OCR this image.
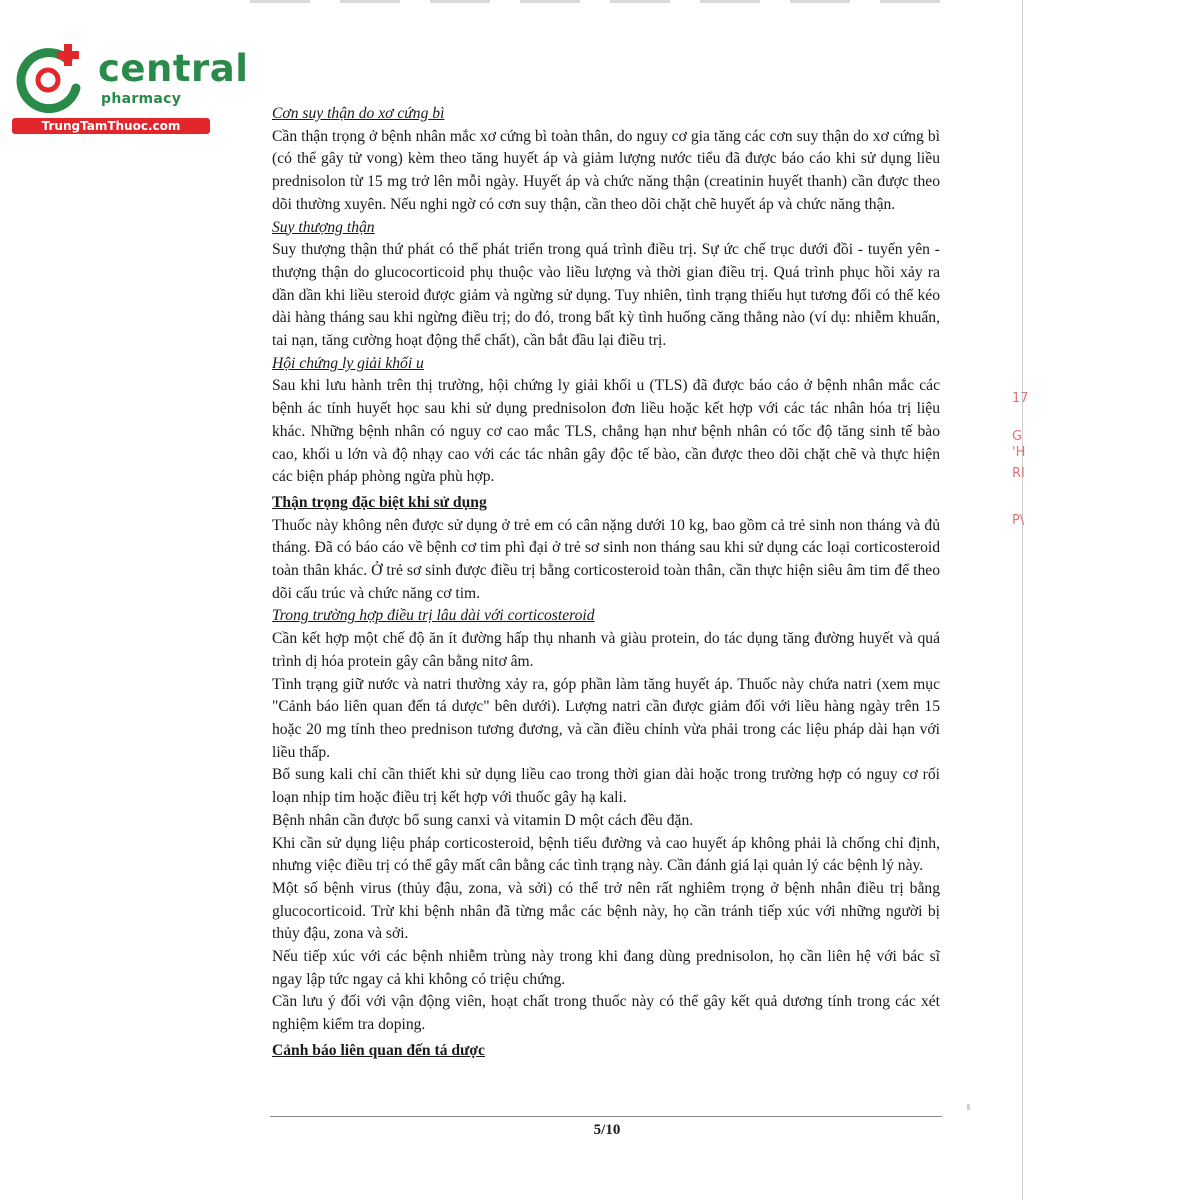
central
pharmacy
TrungTamThuoc.com
17
G
'H
RI
P\

Cơn suy thận do xơ cứng bì

Cần thận trọng ở bệnh nhân mắc xơ cứng bì toàn thân, do nguy cơ gia tăng các cơn suy thận do xơ cứng bì (có thể gây tử vong) kèm theo tăng huyết áp và giảm lượng nước tiểu đã được báo cáo khi sử dụng liều prednisolon từ 15 mg trở lên mỗi ngày. Huyết áp và chức năng thận (creatinin huyết thanh) cần được theo dõi thường xuyên. Nếu nghi ngờ có cơn suy thận, cần theo dõi chặt chẽ huyết áp và chức năng thận.

Suy thượng thận

Suy thượng thận thứ phát có thể phát triển trong quá trình điều trị. Sự ức chế trục dưới đồi - tuyến yên - thượng thận do glucocorticoid phụ thuộc vào liều lượng và thời gian điều trị. Quá trình phục hồi xảy ra dần dần khi liều steroid được giảm và ngừng sử dụng. Tuy nhiên, tình trạng thiếu hụt tương đối có thể kéo dài hàng tháng sau khi ngừng điều trị; do đó, trong bất kỳ tình huống căng thẳng nào (ví dụ: nhiễm khuẩn, tai nạn, tăng cường hoạt động thể chất), cần bắt đầu lại điều trị.

Hội chứng ly giải khối u

Sau khi lưu hành trên thị trường, hội chứng ly giải khối u (TLS) đã được báo cáo ở bệnh nhân mắc các bệnh ác tính huyết học sau khi sử dụng prednisolon đơn liều hoặc kết hợp với các tác nhân hóa trị liệu khác. Những bệnh nhân có nguy cơ cao mắc TLS, chẳng hạn như bệnh nhân có tốc độ tăng sinh tế bào cao, khối u lớn và độ nhạy cao với các tác nhân gây độc tế bào, cần được theo dõi chặt chẽ và thực hiện các biện pháp phòng ngừa phù hợp.

Thận trọng đặc biệt khi sử dụng

Thuốc này không nên được sử dụng ở trẻ em có cân nặng dưới 10 kg, bao gồm cả trẻ sinh non tháng và đủ tháng. Đã có báo cáo về bệnh cơ tim phì đại ở trẻ sơ sinh non tháng sau khi sử dụng các loại corticosteroid toàn thân khác. Ở trẻ sơ sinh được điều trị bằng corticosteroid toàn thân, cần thực hiện siêu âm tim để theo dõi cấu trúc và chức năng cơ tim.

Trong trường hợp điều trị lâu dài với corticosteroid

Cần kết hợp một chế độ ăn ít đường hấp thụ nhanh và giàu protein, do tác dụng tăng đường huyết và quá trình dị hóa protein gây cân bằng nitơ âm.

Tình trạng giữ nước và natri thường xảy ra, góp phần làm tăng huyết áp. Thuốc này chứa natri (xem mục "Cảnh báo liên quan đến tá dược" bên dưới). Lượng natri cần được giảm đối với liều hàng ngày trên 15 hoặc 20 mg tính theo prednison tương đương, và cần điều chỉnh vừa phải trong các liệu pháp dài hạn với liều thấp.

Bổ sung kali chỉ cần thiết khi sử dụng liều cao trong thời gian dài hoặc trong trường hợp có nguy cơ rối loạn nhịp tim hoặc điều trị kết hợp với thuốc gây hạ kali.

Bệnh nhân cần được bổ sung canxi và vitamin D một cách đều đặn.

Khi cần sử dụng liệu pháp corticosteroid, bệnh tiểu đường và cao huyết áp không phải là chống chỉ định, nhưng việc điều trị có thể gây mất cân bằng các tình trạng này. Cần đánh giá lại quản lý các bệnh lý này.

Một số bệnh virus (thủy đậu, zona, và sởi) có thể trở nên rất nghiêm trọng ở bệnh nhân điều trị bằng glucocorticoid. Trừ khi bệnh nhân đã từng mắc các bệnh này, họ cần tránh tiếp xúc với những người bị thủy đậu, zona và sởi.

Nếu tiếp xúc với các bệnh nhiễm trùng này trong khi đang dùng prednisolon, họ cần liên hệ với bác sĩ ngay lập tức ngay cả khi không có triệu chứng.

Cần lưu ý đối với vận động viên, hoạt chất trong thuốc này có thể gây kết quả dương tính trong các xét nghiệm kiểm tra doping.

Cảnh báo liên quan đến tá dược

5/10
